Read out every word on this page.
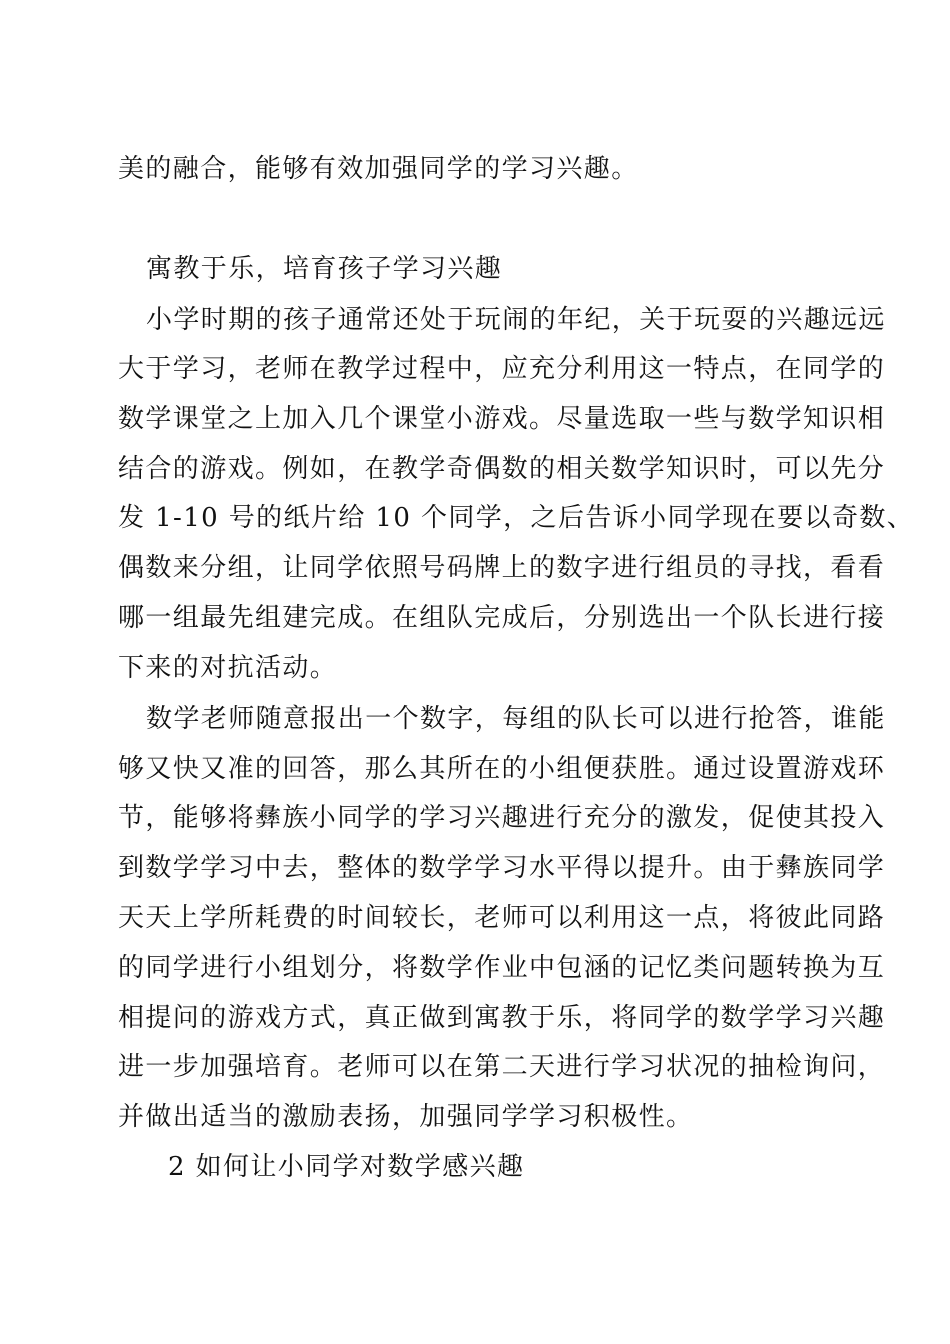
美的融合，能够有效加强同学的学习兴趣。
寓教于乐，培育孩子学习兴趣
小学时期的孩子通常还处于玩闹的年纪，关于玩耍的兴趣远远
大于学习，老师在教学过程中，应充分利用这一特点，在同学的
数学课堂之上加入几个课堂小游戏。尽量选取一些与数学知识相
结合的游戏。例如，在教学奇偶数的相关数学知识时，可以先分
发 1-10 号的纸片给 10 个同学，之后告诉小同学现在要以奇数、
偶数来分组，让同学依照号码牌上的数字进行组员的寻找，看看
哪一组最先组建完成。在组队完成后，分别选出一个队长进行接
下来的对抗活动。
数学老师随意报出一个数字，每组的队长可以进行抢答，谁能
够又快又准的回答，那么其所在的小组便获胜。通过设置游戏环
节，能够将彝族小同学的学习兴趣进行充分的激发，促使其投入
到数学学习中去，整体的数学学习水平得以提升。由于彝族同学
天天上学所耗费的时间较长，老师可以利用这一点，将彼此同路
的同学进行小组划分，将数学作业中包涵的记忆类问题转换为互
相提问的游戏方式，真正做到寓教于乐，将同学的数学学习兴趣
进一步加强培育。老师可以在第二天进行学习状况的抽检询问，
并做出适当的激励表扬，加强同学学习积极性。
2 如何让小同学对数学感兴趣
